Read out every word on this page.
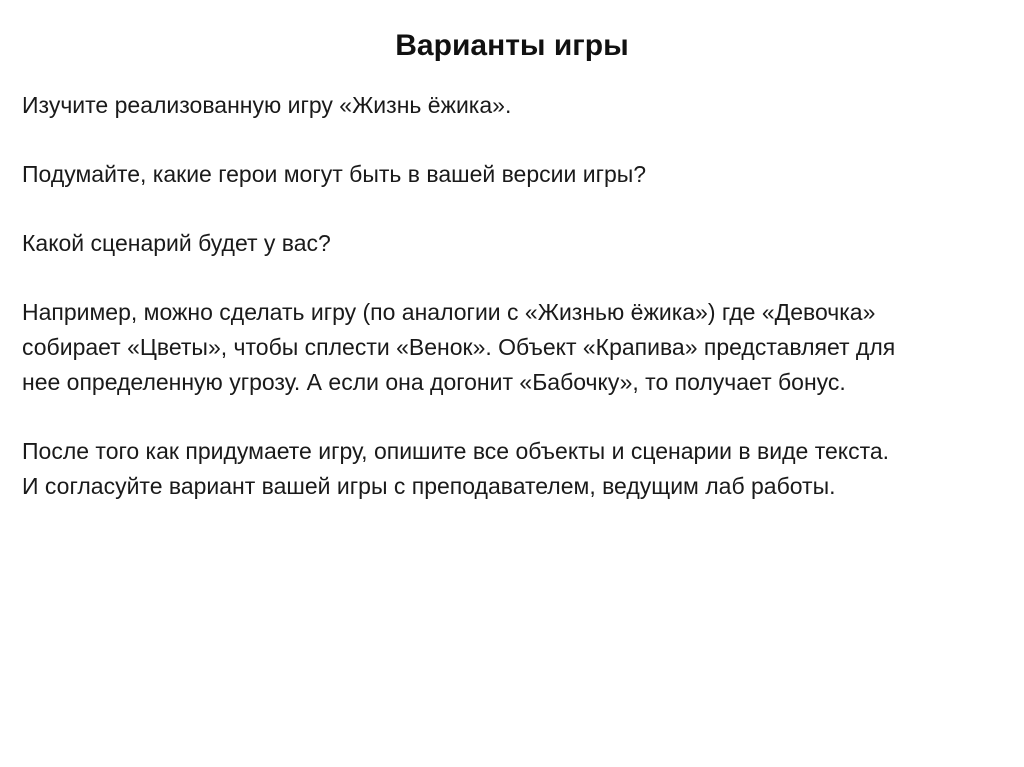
Варианты игры

Изучите реализованную игру «Жизнь ёжика».

Подумайте, какие герои могут быть в вашей версии игры?

Какой сценарий будет у вас?

Например, можно сделать игру (по аналогии с «Жизнью ёжика») где «Девочка»
собирает «Цветы», чтобы сплести «Венок». Объект «Крапива» представляет для
нее определенную угрозу. А если она догонит «Бабочку», то получает бонус.

После того как придумаете игру, опишите все объекты и сценарии в виде текста.
И согласуйте вариант вашей игры с преподавателем, ведущим лаб работы.
